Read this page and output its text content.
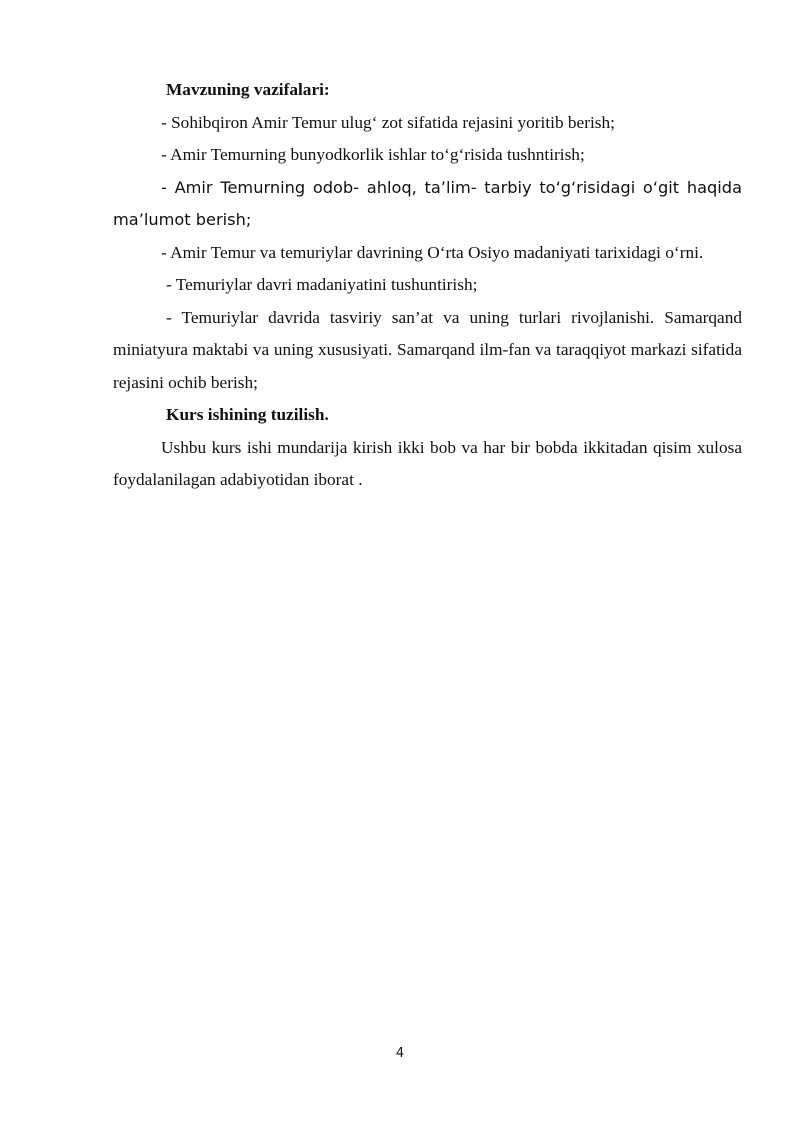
Mavzuning vazifalari:

- Sohibqiron Amir Temur ulug‘ zot sifatida rejasini yoritib berish;

- Amir Temurning bunyodkorlik ishlar to‘g‘risida tushntirish;

- Amir Temurning odob- ahloq, ta’lim- tarbiy to‘g‘risidagi o‘git haqida ma’lumot berish;

- Amir Temur va temuriylar davrining O‘rta Osiyo madaniyati tarixidagi o‘rni.

- Temuriylar davri madaniyatini tushuntirish;

- Temuriylar davrida tasviriy san’at va uning turlari rivojlanishi. Samarqand miniatyura maktabi va uning xususiyati. Samarqand ilm-fan va taraqqiyot markazi sifatida rejasini ochib berish;

Kurs ishining tuzilish.

Ushbu kurs ishi mundarija kirish ikki bob va har bir bobda ikkitadan qisim xulosa foydalanilagan adabiyotidan iborat .

4
